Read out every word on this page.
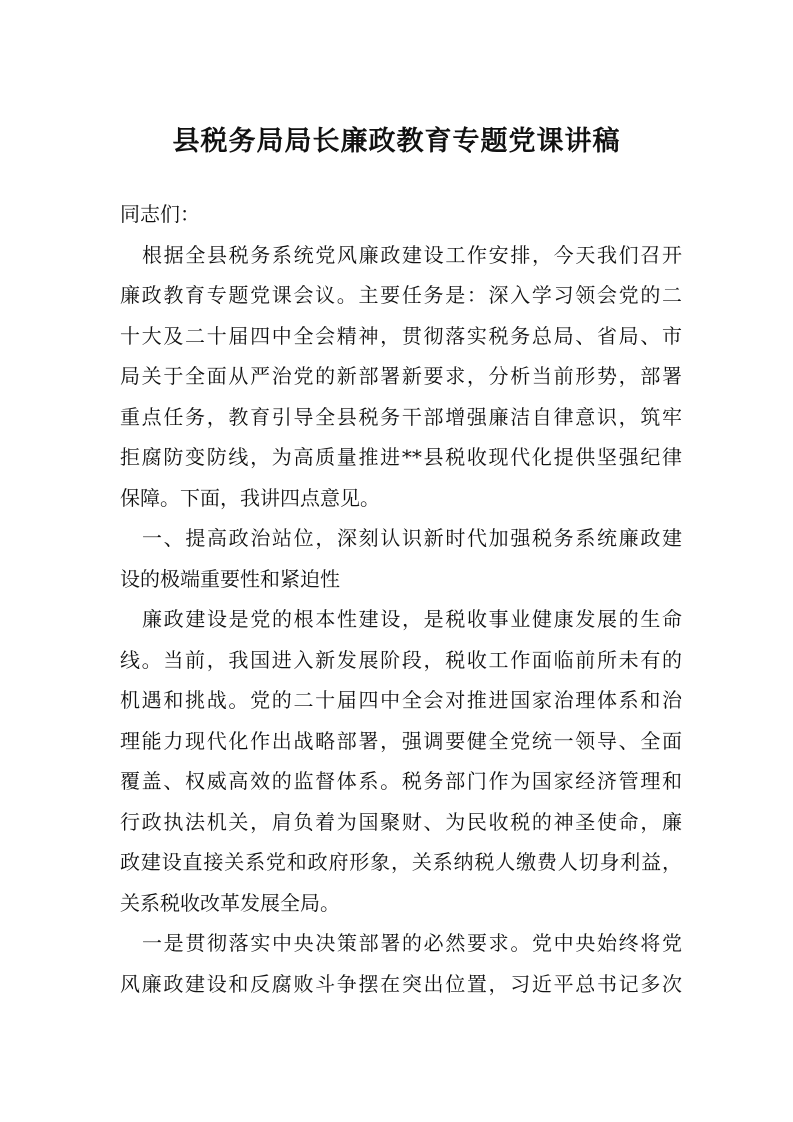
县税务局局长廉政教育专题党课讲稿
同志们：
根据全县税务系统党风廉政建设工作安排，今天我们召开
廉政教育专题党课会议。主要任务是：深入学习领会党的二
十大及二十届四中全会精神，贯彻落实税务总局、省局、市
局关于全面从严治党的新部署新要求，分析当前形势，部署
重点任务，教育引导全县税务干部增强廉洁自律意识，筑牢
拒腐防变防线，为高质量推进**县税收现代化提供坚强纪律
保障。下面，我讲四点意见。
一、提高政治站位，深刻认识新时代加强税务系统廉政建
设的极端重要性和紧迫性
廉政建设是党的根本性建设，是税收事业健康发展的生命
线。当前，我国进入新发展阶段，税收工作面临前所未有的
机遇和挑战。党的二十届四中全会对推进国家治理体系和治
理能力现代化作出战略部署，强调要健全党统一领导、全面
覆盖、权威高效的监督体系。税务部门作为国家经济管理和
行政执法机关，肩负着为国聚财、为民收税的神圣使命，廉
政建设直接关系党和政府形象，关系纳税人缴费人切身利益，
关系税收改革发展全局。
一是贯彻落实中央决策部署的必然要求。党中央始终将党
风廉政建设和反腐败斗争摆在突出位置，习近平总书记多次
